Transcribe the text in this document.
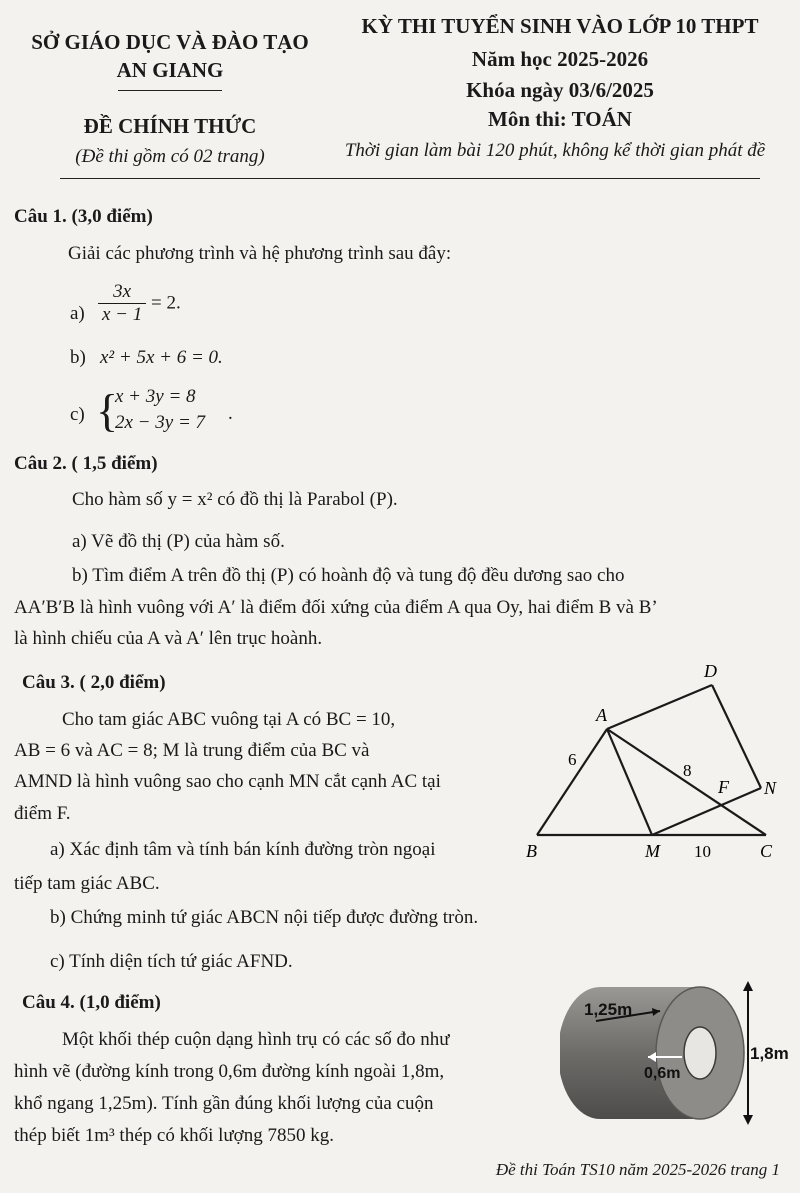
SỞ GIÁO DỤC VÀ ĐÀO TẠO
AN GIANG
ĐỀ CHÍNH THỨC
(Đề thi gồm có 02 trang)
KỲ THI TUYỂN SINH VÀO LỚP 10 THPT
Năm học 2025-2026
Khóa ngày 03/6/2025
Môn thi: TOÁN
Thời gian làm bài 120 phút, không kể thời gian phát đề
Câu 1. (3,0 điểm)
Giải các phương trình và hệ phương trình sau đây:
$a) \frac{3x}{x - 1} = 2$.
b) x² + 5x + 6 = 0.
c) {
x + 3y = 8
2x − 3y = 7 .
Câu 2. ( 1,5 điểm)
Cho hàm số y = x² có đồ thị là Parabol (P).
a) Vẽ đồ thị (P) của hàm số.
b) Tìm điểm A trên đồ thị (P) có hoành độ và tung độ đều dương sao cho
AA′B′B là hình vuông với A′ là điểm đối xứng của điểm A qua Oy, hai điểm B và B’
là hình chiếu của A và A′ lên trục hoành.
Câu 3. ( 2,0 điểm)
Cho tam giác ABC vuông tại A có BC = 10,
AB = 6 và AC = 8; M là trung điểm của BC và
AMND là hình vuông sao cho cạnh MN cắt cạnh AC tại
điểm F.
a) Xác định tâm và tính bán kính đường tròn ngoại
tiếp tam giác ABC.
b) Chứng minh tứ giác ABCN nội tiếp được đường tròn.
c) Tính diện tích tứ giác AFND.
A
B	C
D
M
N
F
6
8
10
Câu 4. (1,0 điểm)
Một khối thép cuộn dạng hình trụ có các số đo như
hình vẽ (đường kính trong 0,6m đường kính ngoài 1,8m,
khổ ngang 1,25m). Tính gần đúng khối lượng của cuộn
thép biết 1m³ thép có khối lượng 7850 kg.
1,25m
0,6m
1,8m
Đề thi Toán TS10 năm 2025-2026 trang 1
